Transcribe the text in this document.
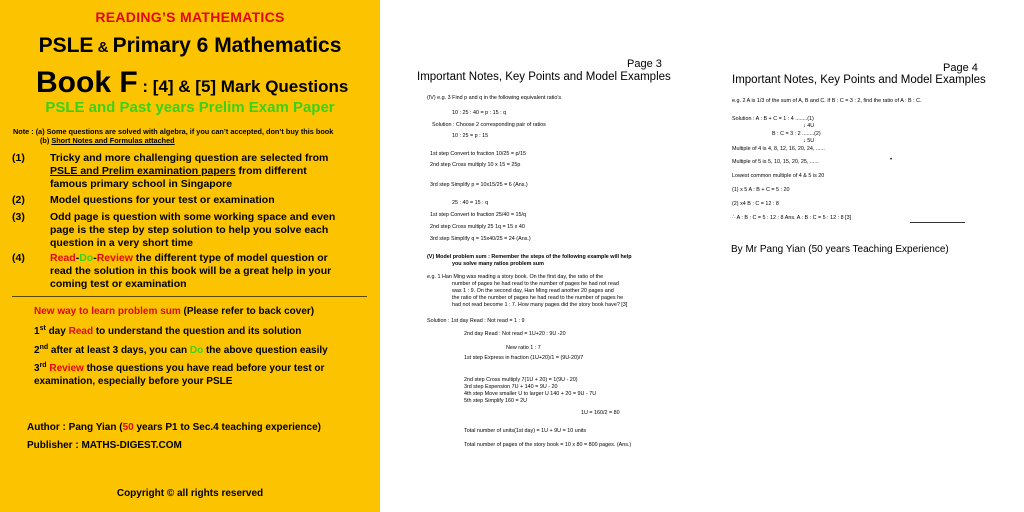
READING’S MATHEMATICS
PSLE & Primary 6 Mathematics
Book F : [4] & [5] Mark Questions
PSLE and Past years Prelim Exam Paper
Note : (a) Some questions are solved with algebra, if you can’t accepted, don’t buy this book
(b) Short Notes and Formulas attached
(1) Tricky and more challenging question are selected from
PSLE and Prelim examination papers from different
famous primary school in Singapore
(2) Model questions for your test or examination
(3) Odd page is question with some working space and even
page is the step by step solution to help you solve each
question in a very short time
(4) Read-Do-Review the different type of model question or
read the solution in this book will be a great help in your
coming test or examination
New way to learn problem sum (Please refer to back cover)
1st day Read to understand the question and its solution
2nd after at least 3 days, you can Do the above question easily
3rd Review those questions you have read before your test or
examination, especially before your PSLE
Author : Pang Yian (50 years P1 to Sec.4 teaching experience)
Publisher : MATHS-DIGEST.COM
Copyright © all rights reserved
Page 3
Important Notes, Key Points and Model Examples
(IV) e.g. 3 Find p and q in the following equivalent ratio's
10 : 25 : 40 = p : 15 : q
Solution : Choose 2 corresponding pair of ratios
10 : 25 = p : 15
1st step Convert to fraction 10/25 = p/15
2nd step Cross multiply 10 x 15 = 25p
3rd step Simplify p = 10x15/25 = 6 (Ans.)
25 : 40 = 15 : q
1st step Convert to fraction 25/40 = 15/q
2nd step Cross multiply 25 1q = 15 x 40
3rd step Simplify q = 15x40/25 = 24 (Ans.)
(V) Model problem sum : Remember the steps of the following example will help
you solve many ratios problem sum
e.g. 1 Han Ming was reading a story book. On the first day, the ratio of the
number of pages he had read to the number of pages he had not read
was 1 : 9. On the second day, Han Ming read another 20 pages and
the ratio of the number of pages he had read to the number of pages he
had not read become 1 : 7. How many pages did the story book have? [3]
Solution : 1st day Read : Not read = 1 : 9
2nd day Read : Not read = 1U+20 : 9U -20
New ratio 1 : 7
1st step Express in fraction (1U+20)/1 = (9U-20)/7
2nd step Cross multiply 7(1U + 20) = 1(9U - 20)
3rd step Expension 7U + 140 = 9U - 20
4th step Move smaller U to larger U 140 + 20 = 9U - 7U
5th step Simplify 160 = 2U
1U = 160/2 = 80
Total number of units(1st day) = 1U + 9U = 10 units
Total number of pages of the story book = 10 x 80 = 800 pages. (Ans.)
Page 4
Important Notes, Key Points and Model Examples
e.g. 2 A is 1/3 of the sum of A, B and C. If B : C = 3 : 2, find the ratio of A : B : C.
Solution : A : B + C = 1 : 4 ........(1)
↓ 4U
B : C = 3 : 2 ........(2)
↓ 5U
Multiple of 4 is 4, 8, 12, 16, 20, 24, ......
Multiple of 5 is 5, 10, 15, 20, 25, ......
Lowest common multiple of 4 & 5 is 20
(1) x 5 A : B + C = 5 : 20
(2) x4 B : C = 12 : 8
∴ A : B : C = 5 : 12 : 8 Ans. A : B : C = 5 : 12 : 8 [3]
•
By Mr Pang Yian (50 years Teaching Experience)
